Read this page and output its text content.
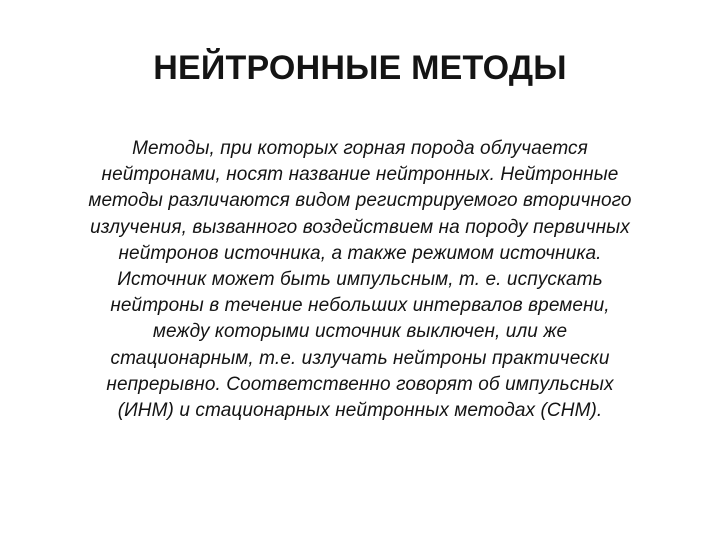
НЕЙТРОННЫЕ МЕТОДЫ
Методы, при которых горная порода облучается
нейтронами, носят название нейтронных. Нейтронные
методы различаются видом регистрируемого вторичного
излучения, вызванного воздействием на породу первичных
нейтронов источника, а также режимом источника.
Источник может быть импульсным, т. е. испускать
нейтроны в течение небольших интервалов времени,
между которыми источник выключен, или же
стационарным, т.е. излучать нейтроны практически
непрерывно. Соответственно говорят об импульсных
(ИНМ) и стационарных нейтронных методах (СНМ).
